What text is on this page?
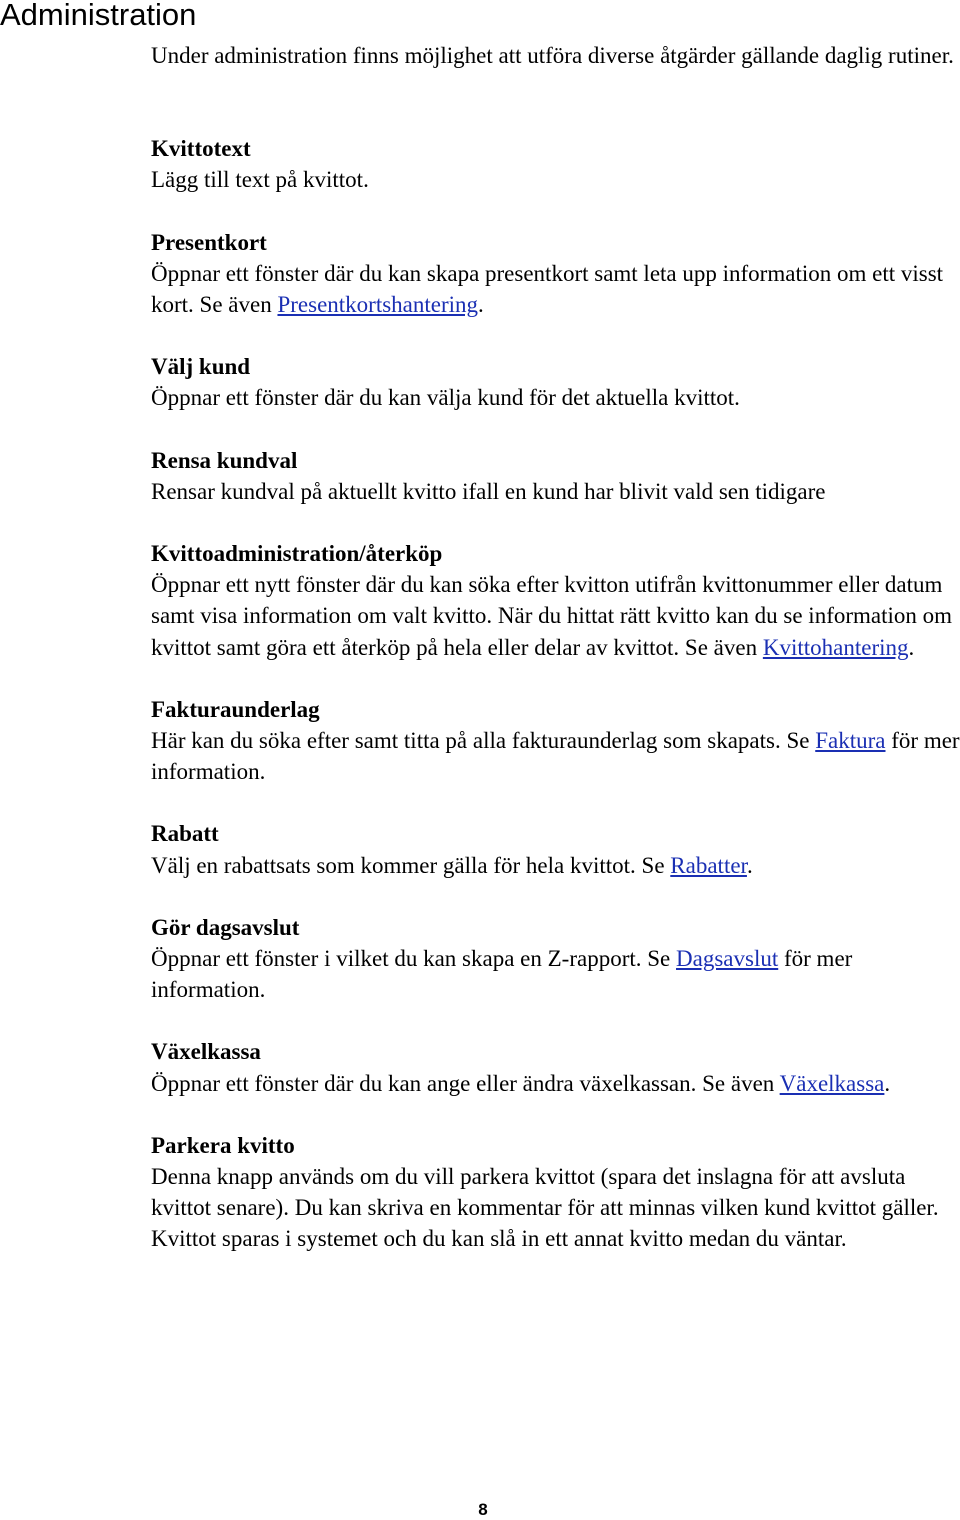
Administration

Under administration finns möjlighet att utföra diverse åtgärder gällande daglig rutiner.

Kvittotext

Lägg till text på kvittot.

Presentkort

Öppnar ett fönster där du kan skapa presentkort samt leta upp information om ett visst kort. Se även Presentkortshantering.

Välj kund

Öppnar ett fönster där du kan välja kund för det aktuella kvittot.

Rensa kundval

Rensar kundval på aktuellt kvitto ifall en kund har blivit vald sen tidigare

Kvittoadministration/återköp

Öppnar ett nytt fönster där du kan söka efter kvitton utifrån kvittonummer eller datum samt visa information om valt kvitto. När du hittat rätt kvitto kan du se information om kvittot samt göra ett återköp på hela eller delar av kvittot. Se även Kvittohantering.

Fakturaunderlag

Här kan du söka efter samt titta på alla fakturaunderlag som skapats. Se Faktura för mer information.

Rabatt

Välj en rabattsats som kommer gälla för hela kvittot. Se Rabatter.

Gör dagsavslut

Öppnar ett fönster i vilket du kan skapa en Z-rapport. Se Dagsavslut för mer information.

Växelkassa

Öppnar ett fönster där du kan ange eller ändra växelkassan. Se även Växelkassa.

Parkera kvitto

Denna knapp används om du vill parkera kvittot (spara det inslagna för att avsluta kvittot senare). Du kan skriva en kommentar för att minnas vilken kund kvittot gäller. Kvittot sparas i systemet och du kan slå in ett annat kvitto medan du väntar.

8
